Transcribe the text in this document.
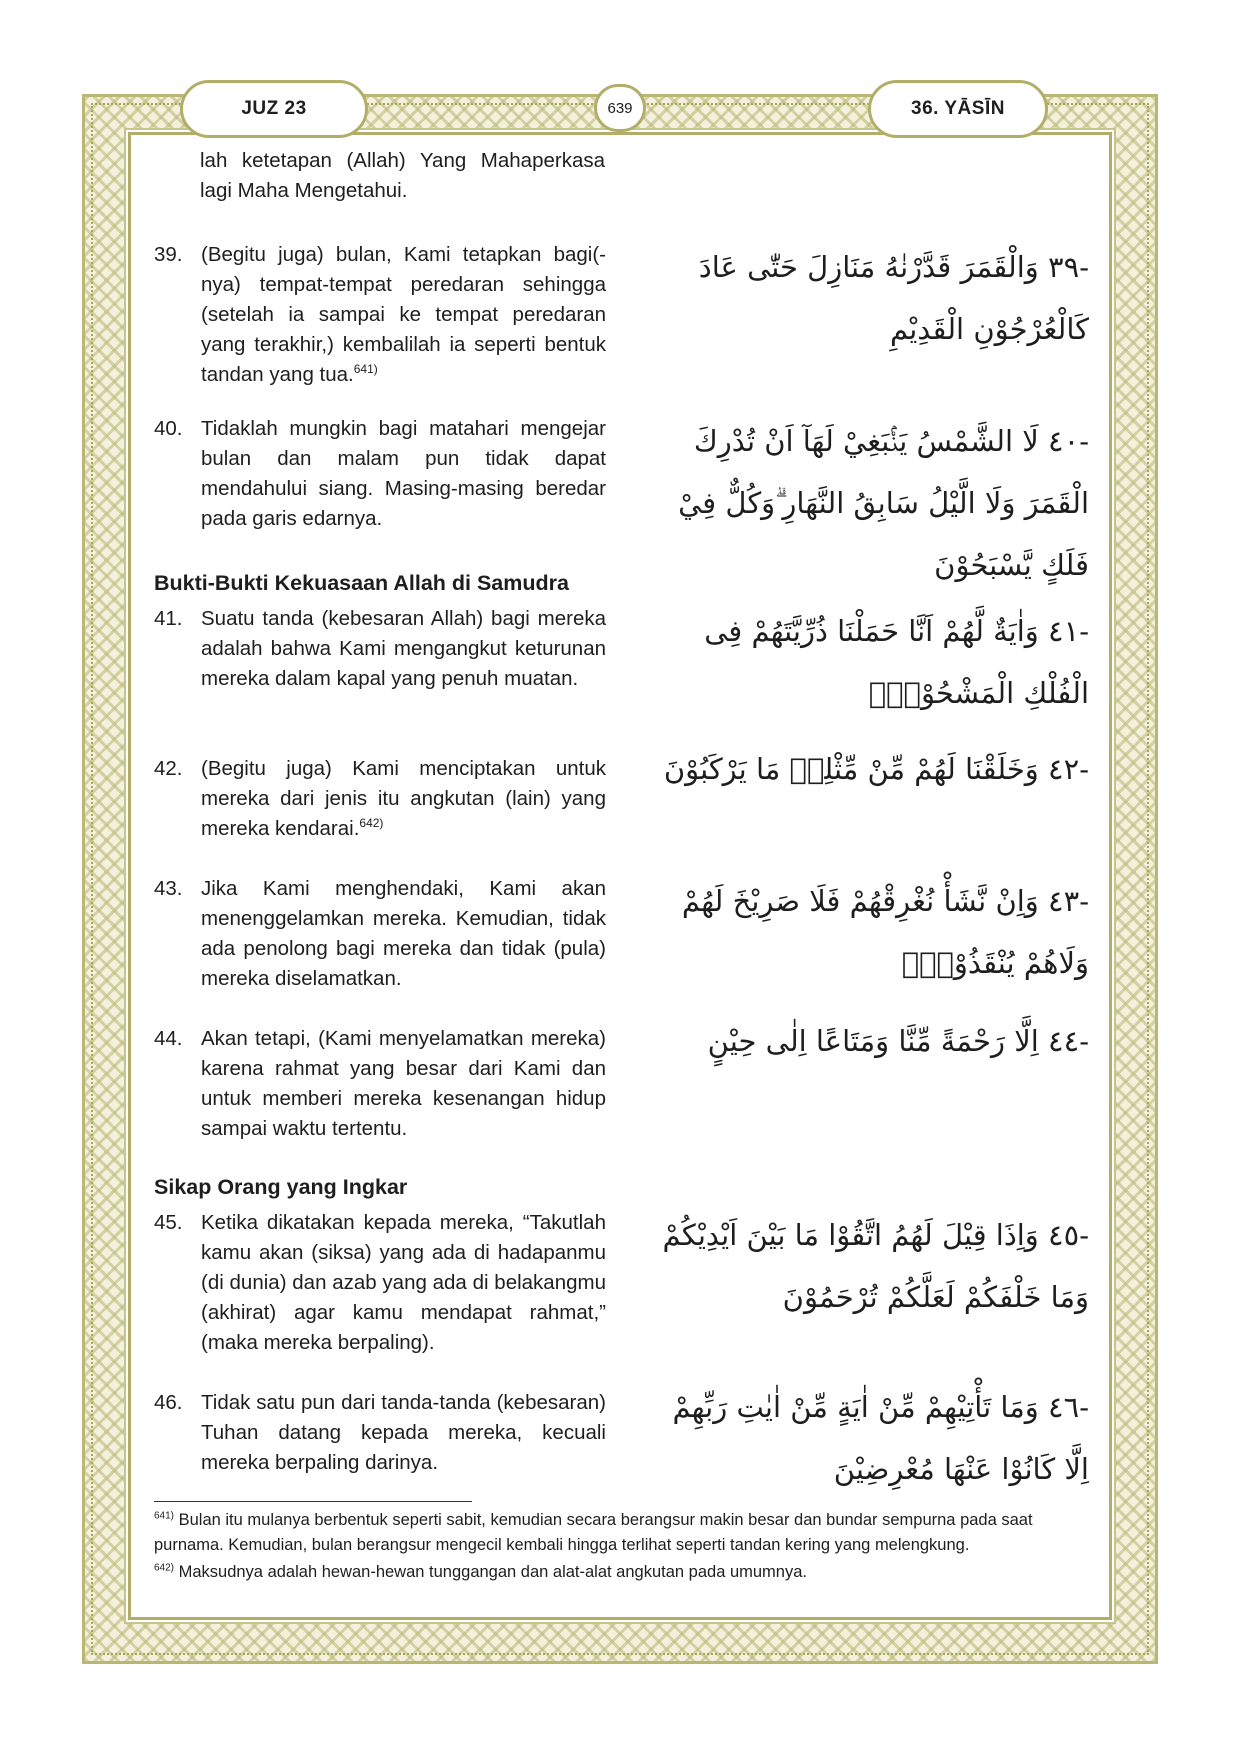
JUZ 23	639	36. YĀSĪN
lah ketetapan (Allah) Yang Mahaperkasa lagi Maha Mengetahui.
39. (Begitu juga) bulan, Kami tetapkan bagi(-nya) tempat-tempat peredaran sehingga (setelah ia sampai ke tempat peredaran yang terakhir,) kembalilah ia seperti bentuk tandan yang tua.$^{641)}$
-٣٩ وَالْقَمَرَ قَدَّرْنٰهُ مَنَازِلَ حَتّٰى عَادَ كَالْعُرْجُوْنِ الْقَدِيْمِ
40. Tidaklah mungkin bagi matahari mengejar bulan dan malam pun tidak dapat mendahului siang. Masing-masing beredar pada garis edarnya.
-٤٠ لَا الشَّمْسُ يَنْۢبَغِيْ لَهَآ اَنْ تُدْرِكَ الْقَمَرَ وَلَا الَّيْلُ سَابِقُ النَّهَارِ ۗوَكُلٌّ فِيْ فَلَكٍ يَّسْبَحُوْنَ
Bukti-Bukti Kekuasaan Allah di Samudra
41. Suatu tanda (kebesaran Allah) bagi mereka adalah bahwa Kami mengangkut keturunan mereka dalam kapal yang penuh muatan.
-٤١ وَاٰيَةٌ لَّهُمْ اَنَّا حَمَلْنَا ذُرِّيَّتَهُمْ فِى الْفُلْكِ الْمَشْحُوْنِۙ
42. (Begitu juga) Kami menciptakan untuk mereka dari jenis itu angkutan (lain) yang mereka kendarai.$^{642)}$
-٤٢ وَخَلَقْنَا لَهُمْ مِّنْ مِّثْلِهٖ مَا يَرْكَبُوْنَ
43. Jika Kami menghendaki, Kami akan menenggelamkan mereka. Kemudian, tidak ada penolong bagi mereka dan tidak (pula) mereka diselamatkan.
-٤٣ وَاِنْ نَّشَأْ نُغْرِقْهُمْ فَلَا صَرِيْخَ لَهُمْ وَلَاهُمْ يُنْقَذُوْنَۙ
44. Akan tetapi, (Kami menyelamatkan mereka) karena rahmat yang besar dari Kami dan untuk memberi mereka kesenangan hidup sampai waktu tertentu.
-٤٤ اِلَّا رَحْمَةً مِّنَّا وَمَتَاعًا اِلٰى حِيْنٍ
Sikap Orang yang Ingkar
45. Ketika dikatakan kepada mereka, “Takutlah kamu akan (siksa) yang ada di hadapanmu (di dunia) dan azab yang ada di belakangmu (akhirat) agar kamu mendapat rahmat,” (maka mereka berpaling).
-٤٥ وَاِذَا قِيْلَ لَهُمُ اتَّقُوْا مَا بَيْنَ اَيْدِيْكُمْ وَمَا خَلْفَكُمْ لَعَلَّكُمْ تُرْحَمُوْنَ
46. Tidak satu pun dari tanda-tanda (kebesaran) Tuhan datang kepada mereka, kecuali mereka berpaling darinya.
-٤٦ وَمَا تَأْتِيْهِمْ مِّنْ اٰيَةٍ مِّنْ اٰيٰتِ رَبِّهِمْ اِلَّا كَانُوْا عَنْهَا مُعْرِضِيْنَ
$^{641)}$ Bulan itu mulanya berbentuk seperti sabit, kemudian secara berangsur makin besar dan bundar sempurna pada saat purnama. Kemudian, bulan berangsur mengecil kembali hingga terlihat seperti tandan kering yang melengkung.
$^{642)}$ Maksudnya adalah hewan-hewan tunggangan dan alat-alat angkutan pada umumnya.
